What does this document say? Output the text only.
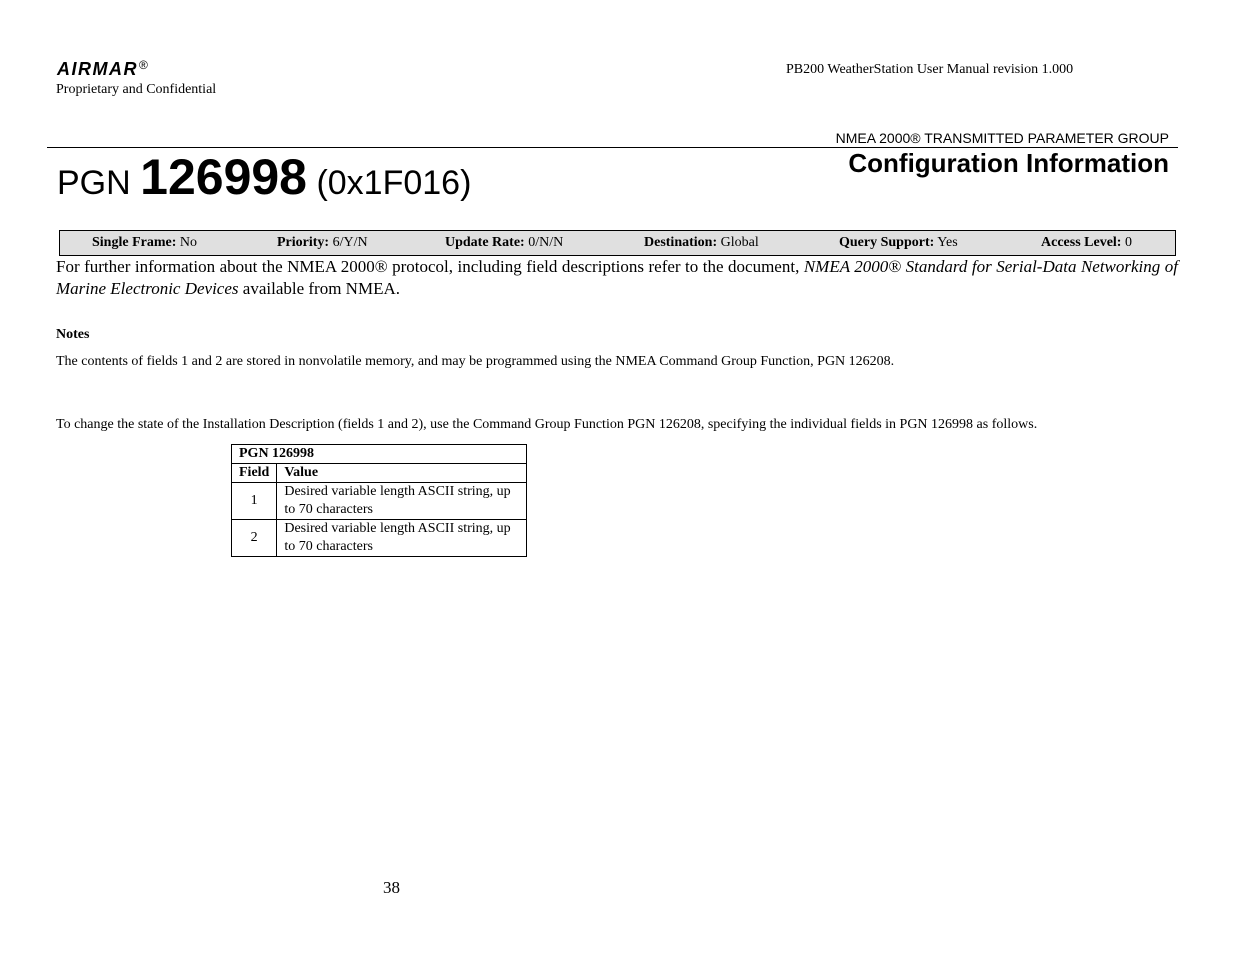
AIRMAR®
Proprietary and Confidential
PB200 WeatherStation User Manual revision 1.000
NMEA 2000® TRANSMITTED PARAMETER GROUP
Configuration Information
PGN 126998 (0x1F016)
Single Frame: No	Priority: 6/Y/N	Update Rate: 0/N/N	Destination: Global	Query Support: Yes	Access Level: 0
For further information about the NMEA 2000® protocol, including field descriptions refer to the document, NMEA 2000® Standard for Serial-Data Networking of Marine Electronic Devices available from NMEA.
Notes
The contents of fields 1 and 2 are stored in nonvolatile memory, and may be programmed using the NMEA Command Group Function, PGN 126208.
To change the state of the Installation Description (fields 1 and 2), use the Command Group Function PGN 126208, specifying the individual fields in PGN 126998 as follows.
PGN 126998	
Field	Value
1	Desired variable length ASCII string, up to 70 characters
2	Desired variable length ASCII string, up to 70 characters
38
